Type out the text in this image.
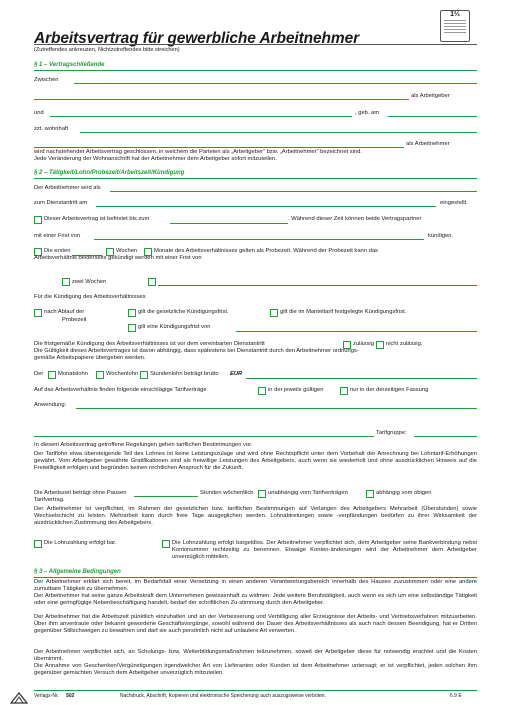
Arbeitsvertrag für gewerbliche Arbeitnehmer
(Zutreffendes ankreuzen, Nichtzutreffendes bitte streichen)
1⅔
§ 1 – Vertragschließende
Zwischen
als Arbeitgeber
und	, geb. am
zzt. wohnhaft
als Arbeitnehmer
wird nachstehender Arbeitsvertrag geschlossen, in welchem die Parteien als „Arbeitgeber“ bzw. „Arbeitnehmer“ bezeichnet sind.
Jede Veränderung der Wohnanschrift hat der Arbeitnehmer dem Arbeitgeber sofort mitzuteilen.
§ 2 – Tätigkeit/Lohn/Probezeit/Arbeitszeit/Kündigung
Der Arbeitnehmer wird als
zum Dienstantritt am	eingestellt.
Dieser Arbeitsvertrag ist befristet bis zum	. Während dieser Zeit können beide Vertragspartner
mit einer Frist von	kündigen.
Die ersten	Wochen	Monate des Arbeitsverhältnisses gelten als Probezeit. Während der Probezeit kann das
Arbeitsverhältnis beiderseits gekündigt werden mit einer Frist von
zwei Wochen
Für die Kündigung des Arbeitsverhältnisses
nach Ablauf der
Probezeit
gilt die gesetzliche Kündigungsfrist.	gilt die im Manteltarif festgelegte Kündigungsfrist.
gilt eine Kündigungsfrist von
Die fristgemäße Kündigung des Arbeitsverhältnisses ist vor dem vereinbarten Dienstantritt	zulässig nicht zulässig.
Die Gültigkeit dieses Arbeitsvertrages ist davon abhängig, dass spätestens bei Dienstantritt durch den Arbeitnehmer ordnungs-
gemäße Arbeitspapiere übergeben werden.
Der	Monatslohn	Wochenlohn Stundenlohn beträgt brutto EUR
Auf das Arbeitsverhältnis finden folgende einschlägige Tarifverträge	in der jeweils gültigen	nur in der derzeitigen Fassung
Anwendung:
Tarifgruppe:
In diesem Arbeitsvertrag getroffene Regelungen gehen tariflichen Bestimmungen vor.
Der Tariflohn etwa übersteigende Teil des Lohnes ist keine Leistungszulage und wird ohne Rechtspflicht unter dem Vorbehalt der Anrechnung bei Lohntarif-Erhöhungen gewährt. Vom Arbeitgeber gewährte Gratifikationen sind als freiwillige Leistungen des Arbeitgebers, auch wenn sie wiederholt und ohne ausdrücklichen Hinweis auf die Freiwilligkeit erfolgen und begründen keinen rechtlichen Anspruch für die Zukunft.
Die Arbeitszeit beträgt ohne Pausen	Stunden wöchentlich	unabhängig vom Tarifverträgen	abhängig vom obigen
Tarifvertrag.
Der Arbeitnehmer ist verpflichtet, im Rahmen der gesetzlichen bzw. tariflichen Bestimmungen auf Verlangen des Arbeitgebers Mehrarbeit (Überstunden) sowie Wechselschicht zu leisten. Mehrarbeit kann durch freie Tage ausgeglichen werden. Lohnabtretungen sowie -verpfändungen bedürfen zu ihrer Wirksamkeit der ausdrücklichen Zustimmung des Arbeitgebers.
Die Lohnzahlung erfolgt bar.	Die Lohnzahlung erfolgt bargeldlos. Der Arbeitnehmer verpflichtet sich, dem Arbeitgeber seine Bankverbindung nebst Kontonummer rechtzeitig zu benennen. Etwaige Konten-änderungen wird der Arbeitnehmer dem Arbeitgeber unverzüglich mitteilen.
§ 3 – Allgemeine Bedingungen
Der Arbeitnehmer erklärt sich bereit, im Bedarfsfall einer Versetzung in einen anderen Verantwortungsbereich innerhalb des Hauses zuzustimmen oder eine andere zumutbare Tätigkeit zu übernehmen.
Der Arbeitnehmer hat seine ganze Arbeitskraft dem Unternehmen gewissenhaft zu widmen. Jede weitere Berufstätigkeit, auch wenn es sich um eine selbständige Tätigkeit oder eine geringfügige Nebenbeschäftigung handelt, bedarf der schriftlichen Zu-stimmung durch den Arbeitgeber.
Der Arbeitnehmer hat die Arbeitszeit pünktlich einzuhalten und an der Verbesserung und Verbilligung aller Erzeugnisse der Arbeits- und Vertriebsverfahren mitzuarbeiten. Über ihm anvertraute oder bekannt gewordene Geschäftsvorgänge, sowohl während der Dauer des Arbeitsverhältnisses als auch nach dessen Beendigung, hat er Dritten gegenüber Stillschweigen zu bewahren und darf sie auch persönlich nicht auf unlautere Art verwerten.
Der Arbeitnehmer verpflichtet sich, an Schulungs- bzw. Weiterbildungsmaßnahmen teilzunehmen, soweit der Arbeitgeber diese für notwendig erachtet und die Kosten übernimmt.
Die Annahme von Geschenken/Vergünstigungen irgendwelcher Art von Lieferanten oder Kunden ist dem Arbeitnehmer untersagt; er ist verpflichtet, jeden solchen ihm gegenüber gemachten Versuch dem Arbeitgeber unverzüglich mitzuteilen.
Verlags-Nr. 502	Nachdruck, Abschrift, Kopieren und elektronische Speicherung auch auszugsweise verboten.	6.9 E
